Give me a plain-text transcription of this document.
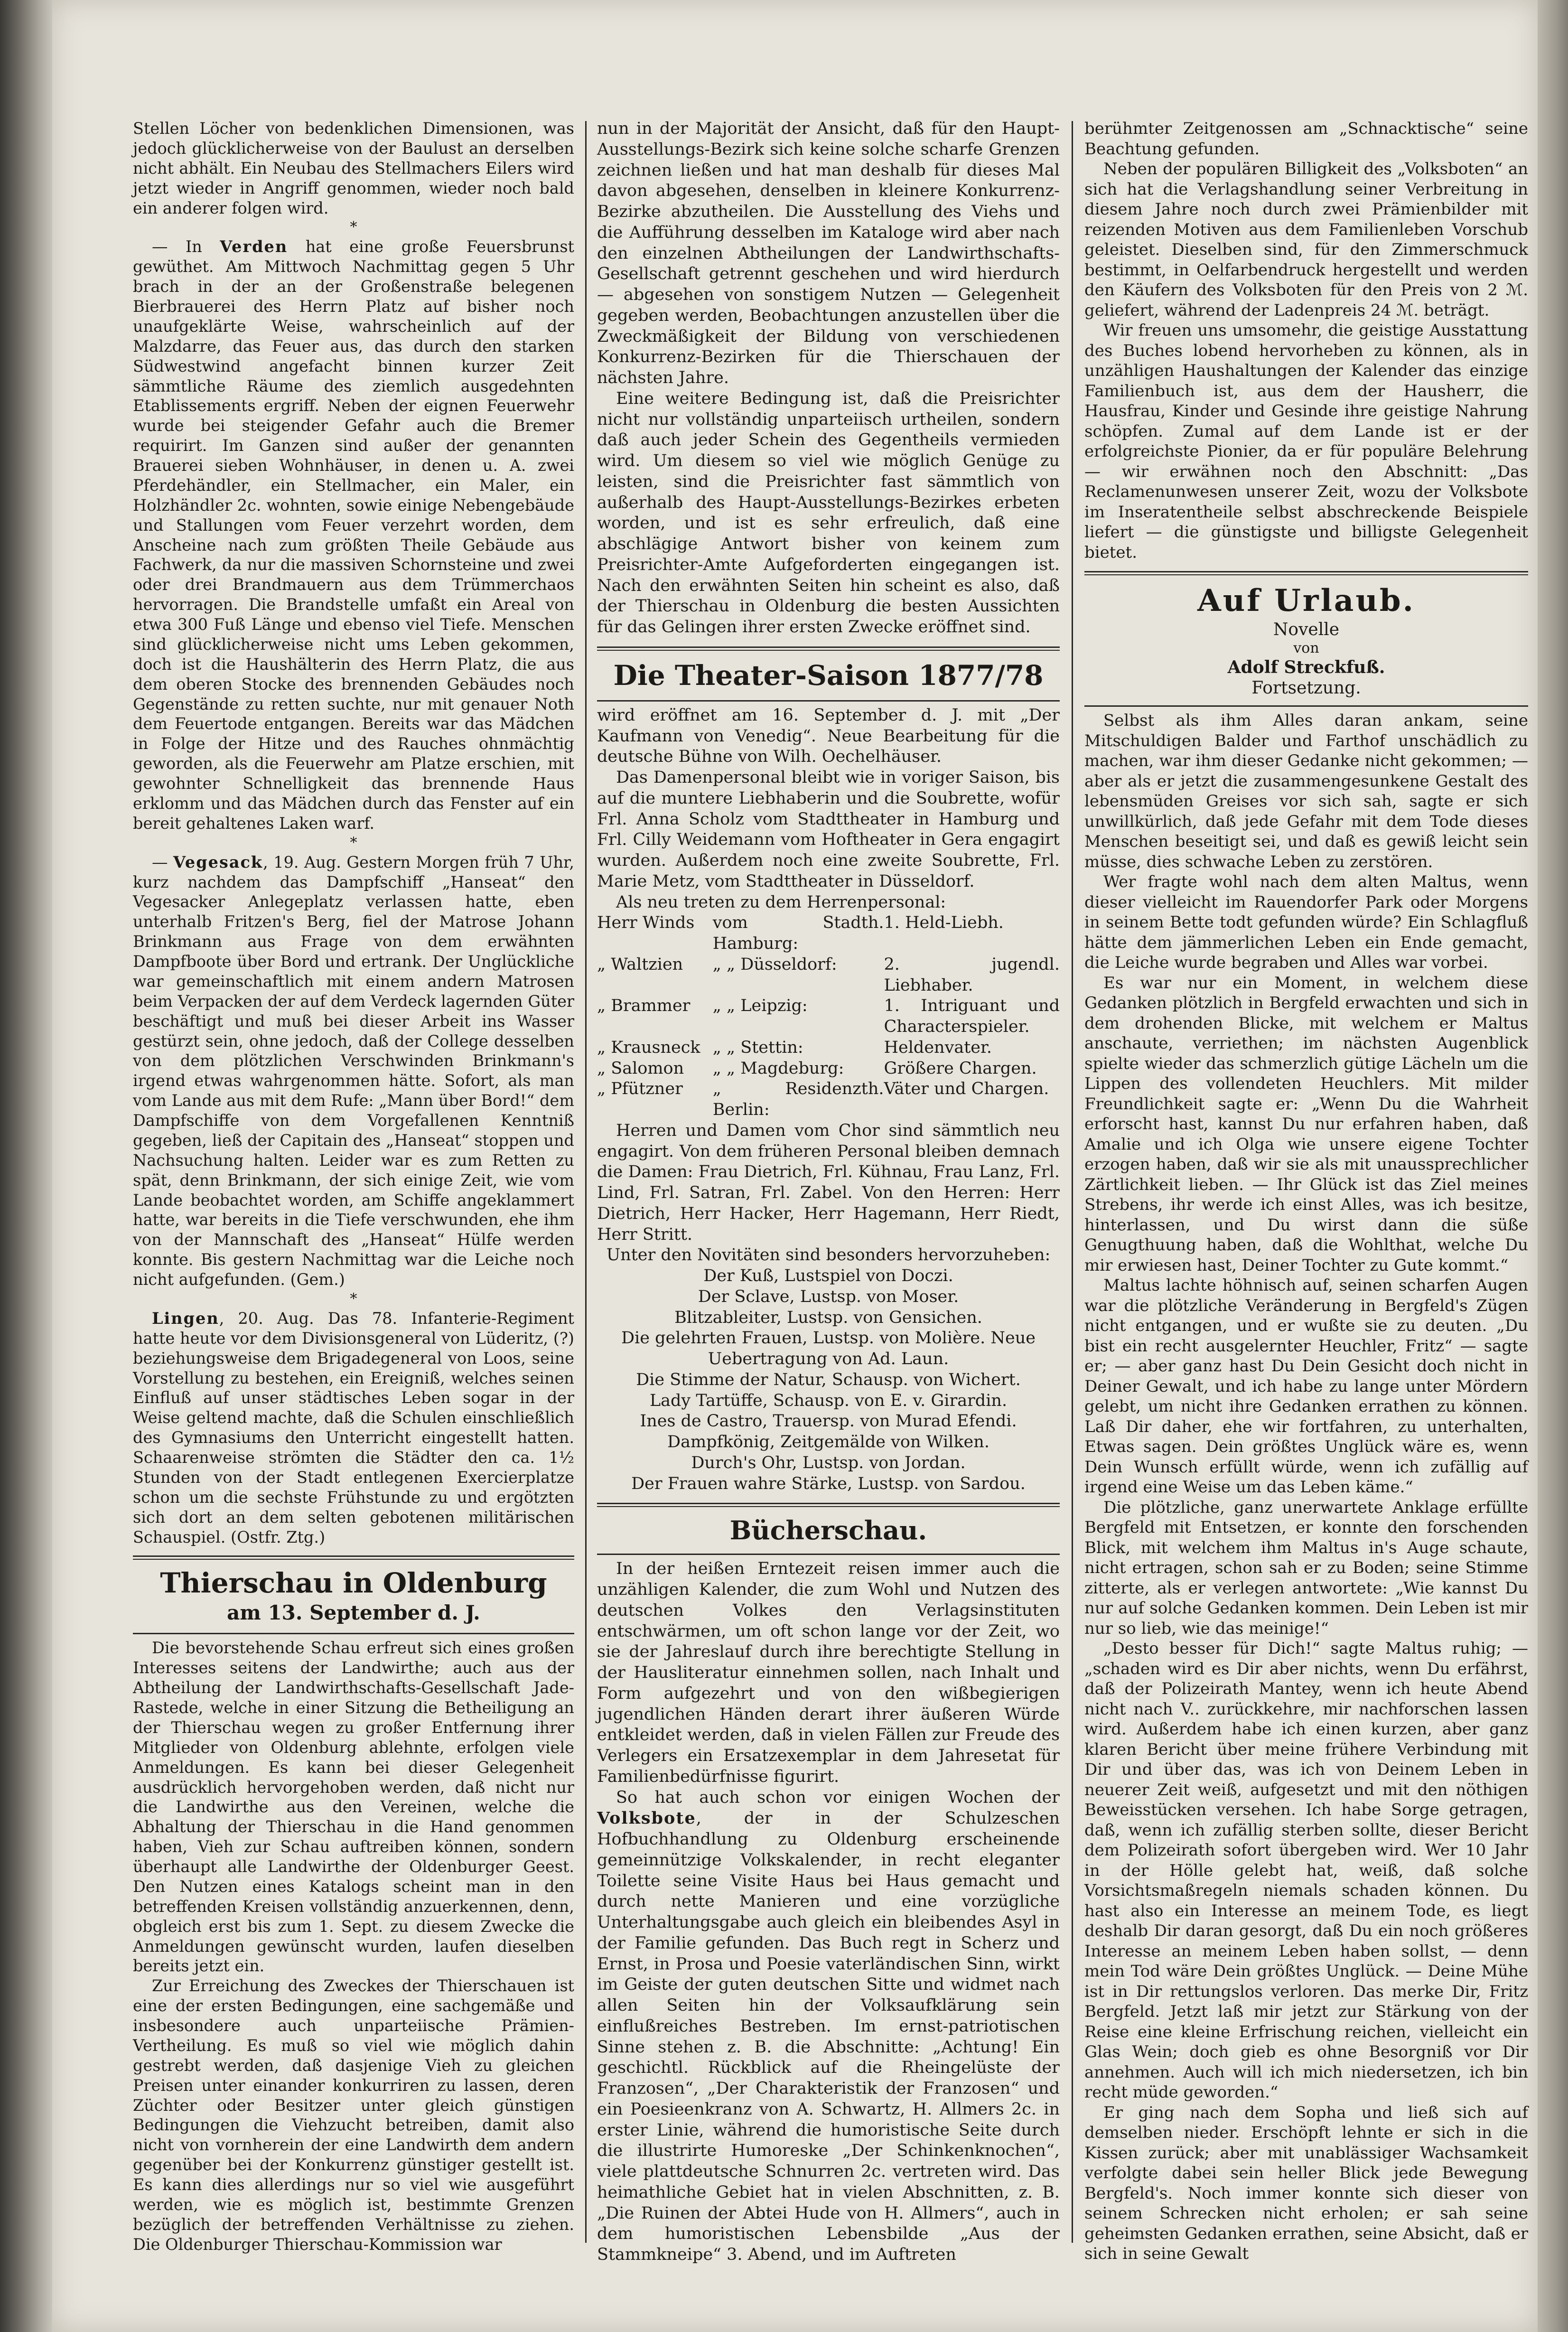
Stellen Löcher von bedenklichen Dimensionen, was jedoch glücklicherweise von der Baulust an derselben nicht abhält. Ein Neubau des Stellmachers Eilers wird jetzt wieder in Angriff genommen, wieder noch bald ein anderer folgen wird.

*

— In Verden hat eine große Feuersbrunst gewüthet. Am Mittwoch Nachmittag gegen 5 Uhr brach in der an der Großenstraße belegenen Bierbrauerei des Herrn Platz auf bisher noch unaufgeklärte Weise, wahrscheinlich auf der Malzdarre, das Feuer aus, das durch den starken Südwestwind angefacht binnen kurzer Zeit sämmtliche Räume des ziemlich ausgedehnten Etablissements ergriff. Neben der eignen Feuerwehr wurde bei steigender Gefahr auch die Bremer requirirt. Im Ganzen sind außer der genannten Brauerei sieben Wohnhäuser, in denen u. A. zwei Pferdehändler, ein Stellmacher, ein Maler, ein Holzhändler 2c. wohnten, sowie einige Nebengebäude und Stallungen vom Feuer verzehrt worden, dem Anscheine nach zum größten Theile Gebäude aus Fachwerk, da nur die massiven Schornsteine und zwei oder drei Brandmauern aus dem Trümmerchaos hervorragen. Die Brandstelle umfaßt ein Areal von etwa 300 Fuß Länge und ebenso viel Tiefe. Menschen sind glücklicherweise nicht ums Leben gekommen, doch ist die Haushälterin des Herrn Platz, die aus dem oberen Stocke des brennenden Gebäudes noch Gegenstände zu retten suchte, nur mit genauer Noth dem Feuertode entgangen. Bereits war das Mädchen in Folge der Hitze und des Rauches ohnmächtig geworden, als die Feuerwehr am Platze erschien, mit gewohnter Schnelligkeit das brennende Haus erklomm und das Mädchen durch das Fenster auf ein bereit gehaltenes Laken warf.

*

— Vegesack, 19. Aug. Gestern Morgen früh 7 Uhr, kurz nachdem das Dampfschiff „Hanseat“ den Vegesacker Anlegeplatz verlassen hatte, eben unterhalb Fritzen's Berg, fiel der Matrose Johann Brinkmann aus Frage von dem erwähnten Dampfboote über Bord und ertrank. Der Unglückliche war gemeinschaftlich mit einem andern Matrosen beim Verpacken der auf dem Verdeck lagernden Güter beschäftigt und muß bei dieser Arbeit ins Wasser gestürzt sein, ohne jedoch, daß der College desselben von dem plötzlichen Verschwinden Brinkmann's irgend etwas wahrgenommen hätte. Sofort, als man vom Lande aus mit dem Rufe: „Mann über Bord!“ dem Dampfschiffe von dem Vorgefallenen Kenntniß gegeben, ließ der Capitain des „Hanseat“ stoppen und Nachsuchung halten. Leider war es zum Retten zu spät, denn Brinkmann, der sich einige Zeit, wie vom Lande beobachtet worden, am Schiffe angeklammert hatte, war bereits in die Tiefe verschwunden, ehe ihm von der Mannschaft des „Hanseat“ Hülfe werden konnte. Bis gestern Nachmittag war die Leiche noch nicht aufgefunden. (Gem.)

*

Lingen, 20. Aug. Das 78. Infanterie-Regiment hatte heute vor dem Divisionsgeneral von Lüderitz, (?) beziehungsweise dem Brigadegeneral von Loos, seine Vorstellung zu bestehen, ein Ereigniß, welches seinen Einfluß auf unser städtisches Leben sogar in der Weise geltend machte, daß die Schulen einschließlich des Gymnasiums den Unterricht eingestellt hatten. Schaarenweise strömten die Städter den ca. 1½ Stunden von der Stadt entlegenen Exercierplatze schon um die sechste Frühstunde zu und ergötzten sich dort an dem selten gebotenen militärischen Schauspiel. (Ostfr. Ztg.)

Thierschau in Oldenburg
am 13. September d. J.

Die bevorstehende Schau erfreut sich eines großen Interesses seitens der Landwirthe; auch aus der Abtheilung der Landwirthschafts-Gesellschaft Jade-Rastede, welche in einer Sitzung die Betheiligung an der Thierschau wegen zu großer Entfernung ihrer Mitglieder von Oldenburg ablehnte, erfolgen viele Anmeldungen. Es kann bei dieser Gelegenheit ausdrücklich hervorgehoben werden, daß nicht nur die Landwirthe aus den Vereinen, welche die Abhaltung der Thierschau in die Hand genommen haben, Vieh zur Schau auftreiben können, sondern überhaupt alle Landwirthe der Oldenburger Geest. Den Nutzen eines Katalogs scheint man in den betreffenden Kreisen vollständig anzuerkennen, denn, obgleich erst bis zum 1. Sept. zu diesem Zwecke die Anmeldungen gewünscht wurden, laufen dieselben bereits jetzt ein.

Zur Erreichung des Zweckes der Thierschauen ist eine der ersten Bedingungen, eine sachgemäße und insbesondere auch unparteiische Prämien-Vertheilung. Es muß so viel wie möglich dahin gestrebt werden, daß dasjenige Vieh zu gleichen Preisen unter einander konkurriren zu lassen, deren Züchter oder Besitzer unter gleich günstigen Bedingungen die Viehzucht betreiben, damit also nicht von vornherein der eine Landwirth dem andern gegenüber bei der Konkurrenz günstiger gestellt ist. Es kann dies allerdings nur so viel wie ausgeführt werden, wie es möglich ist, bestimmte Grenzen bezüglich der betreffenden Verhältnisse zu ziehen. Die Oldenburger Thierschau-Kommission war

nun in der Majorität der Ansicht, daß für den Haupt-Ausstellungs-Bezirk sich keine solche scharfe Grenzen zeichnen ließen und hat man deshalb für dieses Mal davon abgesehen, denselben in kleinere Konkurrenz-Bezirke abzutheilen. Die Ausstellung des Viehs und die Aufführung desselben im Kataloge wird aber nach den einzelnen Abtheilungen der Landwirthschafts-Gesellschaft getrennt geschehen und wird hierdurch — abgesehen von sonstigem Nutzen — Gelegenheit gegeben werden, Beobachtungen anzustellen über die Zweckmäßigkeit der Bildung von verschiedenen Konkurrenz-Bezirken für die Thierschauen der nächsten Jahre.

Eine weitere Bedingung ist, daß die Preisrichter nicht nur vollständig unparteiisch urtheilen, sondern daß auch jeder Schein des Gegentheils vermieden wird. Um diesem so viel wie möglich Genüge zu leisten, sind die Preisrichter fast sämmtlich von außerhalb des Haupt-Ausstellungs-Bezirkes erbeten worden, und ist es sehr erfreulich, daß eine abschlägige Antwort bisher von keinem zum Preisrichter-Amte Aufgeforderten eingegangen ist. Nach den erwähnten Seiten hin scheint es also, daß der Thierschau in Oldenburg die besten Aussichten für das Gelingen ihrer ersten Zwecke eröffnet sind.

Die Theater-Saison 1877/78

wird eröffnet am 16. September d. J. mit „Der Kaufmann von Venedig“. Neue Bearbeitung für die deutsche Bühne von Wilh. Oechelhäuser.

Das Damenpersonal bleibt wie in voriger Saison, bis auf die muntere Liebhaberin und die Soubrette, wofür Frl. Anna Scholz vom Stadttheater in Hamburg und Frl. Cilly Weidemann vom Hoftheater in Gera engagirt wurden. Außerdem noch eine zweite Soubrette, Frl. Marie Metz, vom Stadttheater in Düsseldorf.

Als neu treten zu dem Herrenpersonal:

Herr Winds	vom Stadth. Hamburg:	1. Held-Liebh.
„ Waltzien	„ „ Düsseldorf:	2. jugendl. Liebhaber.
„ Brammer	„ „ Leipzig:	1. Intriguant und Characterspieler.
„ Krausneck	„ „ Stettin:	Heldenvater.
„ Salomon	„ „ Magdeburg:	Größere Chargen.
„ Pfützner	„ Residenzth. Berlin:	Väter und Chargen.

Herren und Damen vom Chor sind sämmtlich neu engagirt. Von dem früheren Personal bleiben demnach die Damen: Frau Dietrich, Frl. Kühnau, Frau Lanz, Frl. Lind, Frl. Satran, Frl. Zabel. Von den Herren: Herr Dietrich, Herr Hacker, Herr Hagemann, Herr Riedt, Herr Stritt.

Unter den Novitäten sind besonders hervorzuheben:

Der Kuß, Lustspiel von Doczi.

Der Sclave, Lustsp. von Moser.

Blitzableiter, Lustsp. von Gensichen.

Die gelehrten Frauen, Lustsp. von Molière. Neue Uebertragung von Ad. Laun.

Die Stimme der Natur, Schausp. von Wichert.

Lady Tartüffe, Schausp. von E. v. Girardin.

Ines de Castro, Trauersp. von Murad Efendi.

Dampfkönig, Zeitgemälde von Wilken.

Durch's Ohr, Lustsp. von Jordan.

Der Frauen wahre Stärke, Lustsp. von Sardou.

Bücherschau.

In der heißen Erntezeit reisen immer auch die unzähligen Kalender, die zum Wohl und Nutzen des deutschen Volkes den Verlagsinstituten entschwärmen, um oft schon lange vor der Zeit, wo sie der Jahreslauf durch ihre berechtigte Stellung in der Hausliteratur einnehmen sollen, nach Inhalt und Form aufgezehrt und von den wißbegierigen jugendlichen Händen derart ihrer äußeren Würde entkleidet werden, daß in vielen Fällen zur Freude des Verlegers ein Ersatzexemplar in dem Jahresetat für Familienbedürfnisse figurirt.

So hat auch schon vor einigen Wochen der Volksbote, der in der Schulzeschen Hofbuchhandlung zu Oldenburg erscheinende gemeinnützige Volkskalender, in recht eleganter Toilette seine Visite Haus bei Haus gemacht und durch nette Manieren und eine vorzügliche Unterhaltungsgabe auch gleich ein bleibendes Asyl in der Familie gefunden. Das Buch regt in Scherz und Ernst, in Prosa und Poesie vaterländischen Sinn, wirkt im Geiste der guten deutschen Sitte und widmet nach allen Seiten hin der Volksaufklärung sein einflußreiches Bestreben. Im ernst-patriotischen Sinne stehen z. B. die Abschnitte: „Achtung! Ein geschichtl. Rückblick auf die Rheingelüste der Franzosen“, „Der Charakteristik der Franzosen“ und ein Poesieenkranz von A. Schwartz, H. Allmers 2c. in erster Linie, während die humoristische Seite durch die illustrirte Humoreske „Der Schinkenknochen“, viele plattdeutsche Schnurren 2c. vertreten wird. Das heimathliche Gebiet hat in vielen Abschnitten, z. B. „Die Ruinen der Abtei Hude von H. Allmers“, auch in dem humoristischen Lebensbilde „Aus der Stammkneipe“ 3. Abend, und im Auftreten

berühmter Zeitgenossen am „Schnacktische“ seine Beachtung gefunden.

Neben der populären Billigkeit des „Volksboten“ an sich hat die Verlagshandlung seiner Verbreitung in diesem Jahre noch durch zwei Prämienbilder mit reizenden Motiven aus dem Familienleben Vorschub geleistet. Dieselben sind, für den Zimmerschmuck bestimmt, in Oelfarbendruck hergestellt und werden den Käufern des Volksboten für den Preis von 2 ℳ. geliefert, während der Ladenpreis 24 ℳ. beträgt.

Wir freuen uns umsomehr, die geistige Ausstattung des Buches lobend hervorheben zu können, als in unzähligen Haushaltungen der Kalender das einzige Familienbuch ist, aus dem der Hausherr, die Hausfrau, Kinder und Gesinde ihre geistige Nahrung schöpfen. Zumal auf dem Lande ist er der erfolgreichste Pionier, da er für populäre Belehrung — wir erwähnen noch den Abschnitt: „Das Reclamenunwesen unserer Zeit, wozu der Volksbote im Inseratentheile selbst abschreckende Beispiele liefert — die günstigste und billigste Gelegenheit bietet.

Auf Urlaub.
Novelle
von
Adolf Streckfuß.
Fortsetzung.

Selbst als ihm Alles daran ankam, seine Mitschuldigen Balder und Farthof unschädlich zu machen, war ihm dieser Gedanke nicht gekommen; — aber als er jetzt die zusammengesunkene Gestalt des lebensmüden Greises vor sich sah, sagte er sich unwillkürlich, daß jede Gefahr mit dem Tode dieses Menschen beseitigt sei, und daß es gewiß leicht sein müsse, dies schwache Leben zu zerstören.

Wer fragte wohl nach dem alten Maltus, wenn dieser vielleicht im Rauendorfer Park oder Morgens in seinem Bette todt gefunden würde? Ein Schlagfluß hätte dem jämmerlichen Leben ein Ende gemacht, die Leiche wurde begraben und Alles war vorbei.

Es war nur ein Moment, in welchem diese Gedanken plötzlich in Bergfeld erwachten und sich in dem drohenden Blicke, mit welchem er Maltus anschaute, verriethen; im nächsten Augenblick spielte wieder das schmerzlich gütige Lächeln um die Lippen des vollendeten Heuchlers. Mit milder Freundlichkeit sagte er: „Wenn Du die Wahrheit erforscht hast, kannst Du nur erfahren haben, daß Amalie und ich Olga wie unsere eigene Tochter erzogen haben, daß wir sie als mit unaussprechlicher Zärtlichkeit lieben. — Ihr Glück ist das Ziel meines Strebens, ihr werde ich einst Alles, was ich besitze, hinterlassen, und Du wirst dann die süße Genugthuung haben, daß die Wohlthat, welche Du mir erwiesen hast, Deiner Tochter zu Gute kommt.“

Maltus lachte höhnisch auf, seinen scharfen Augen war die plötzliche Veränderung in Bergfeld's Zügen nicht entgangen, und er wußte sie zu deuten. „Du bist ein recht ausgelernter Heuchler, Fritz“ — sagte er; — aber ganz hast Du Dein Gesicht doch nicht in Deiner Gewalt, und ich habe zu lange unter Mördern gelebt, um nicht ihre Gedanken errathen zu können. Laß Dir daher, ehe wir fortfahren, zu unterhalten, Etwas sagen. Dein größtes Unglück wäre es, wenn Dein Wunsch erfüllt würde, wenn ich zufällig auf irgend eine Weise um das Leben käme.“

Die plötzliche, ganz unerwartete Anklage erfüllte Bergfeld mit Entsetzen, er konnte den forschenden Blick, mit welchem ihm Maltus in's Auge schaute, nicht ertragen, schon sah er zu Boden; seine Stimme zitterte, als er verlegen antwortete: „Wie kannst Du nur auf solche Gedanken kommen. Dein Leben ist mir nur so lieb, wie das meinige!“

„Desto besser für Dich!“ sagte Maltus ruhig; — „schaden wird es Dir aber nichts, wenn Du erfährst, daß der Polizeirath Mantey, wenn ich heute Abend nicht nach V.. zurückkehre, mir nachforschen lassen wird. Außerdem habe ich einen kurzen, aber ganz klaren Bericht über meine frühere Verbindung mit Dir und über das, was ich von Deinem Leben in neuerer Zeit weiß, aufgesetzt und mit den nöthigen Beweisstücken versehen. Ich habe Sorge getragen, daß, wenn ich zufällig sterben sollte, dieser Bericht dem Polizeirath sofort übergeben wird. Wer 10 Jahr in der Hölle gelebt hat, weiß, daß solche Vorsichtsmaßregeln niemals schaden können. Du hast also ein Interesse an meinem Tode, es liegt deshalb Dir daran gesorgt, daß Du ein noch größeres Interesse an meinem Leben haben sollst, — denn mein Tod wäre Dein größtes Unglück. — Deine Mühe ist in Dir rettungslos verloren. Das merke Dir, Fritz Bergfeld. Jetzt laß mir jetzt zur Stärkung von der Reise eine kleine Erfrischung reichen, vielleicht ein Glas Wein; doch gieb es ohne Besorgniß vor Dir annehmen. Auch will ich mich niedersetzen, ich bin recht müde geworden.“

Er ging nach dem Sopha und ließ sich auf demselben nieder. Erschöpft lehnte er sich in die Kissen zurück; aber mit unablässiger Wachsamkeit verfolgte dabei sein heller Blick jede Bewegung Bergfeld's. Noch immer konnte sich dieser von seinem Schrecken nicht erholen; er sah seine geheimsten Gedanken errathen, seine Absicht, daß er sich in seine Gewalt
